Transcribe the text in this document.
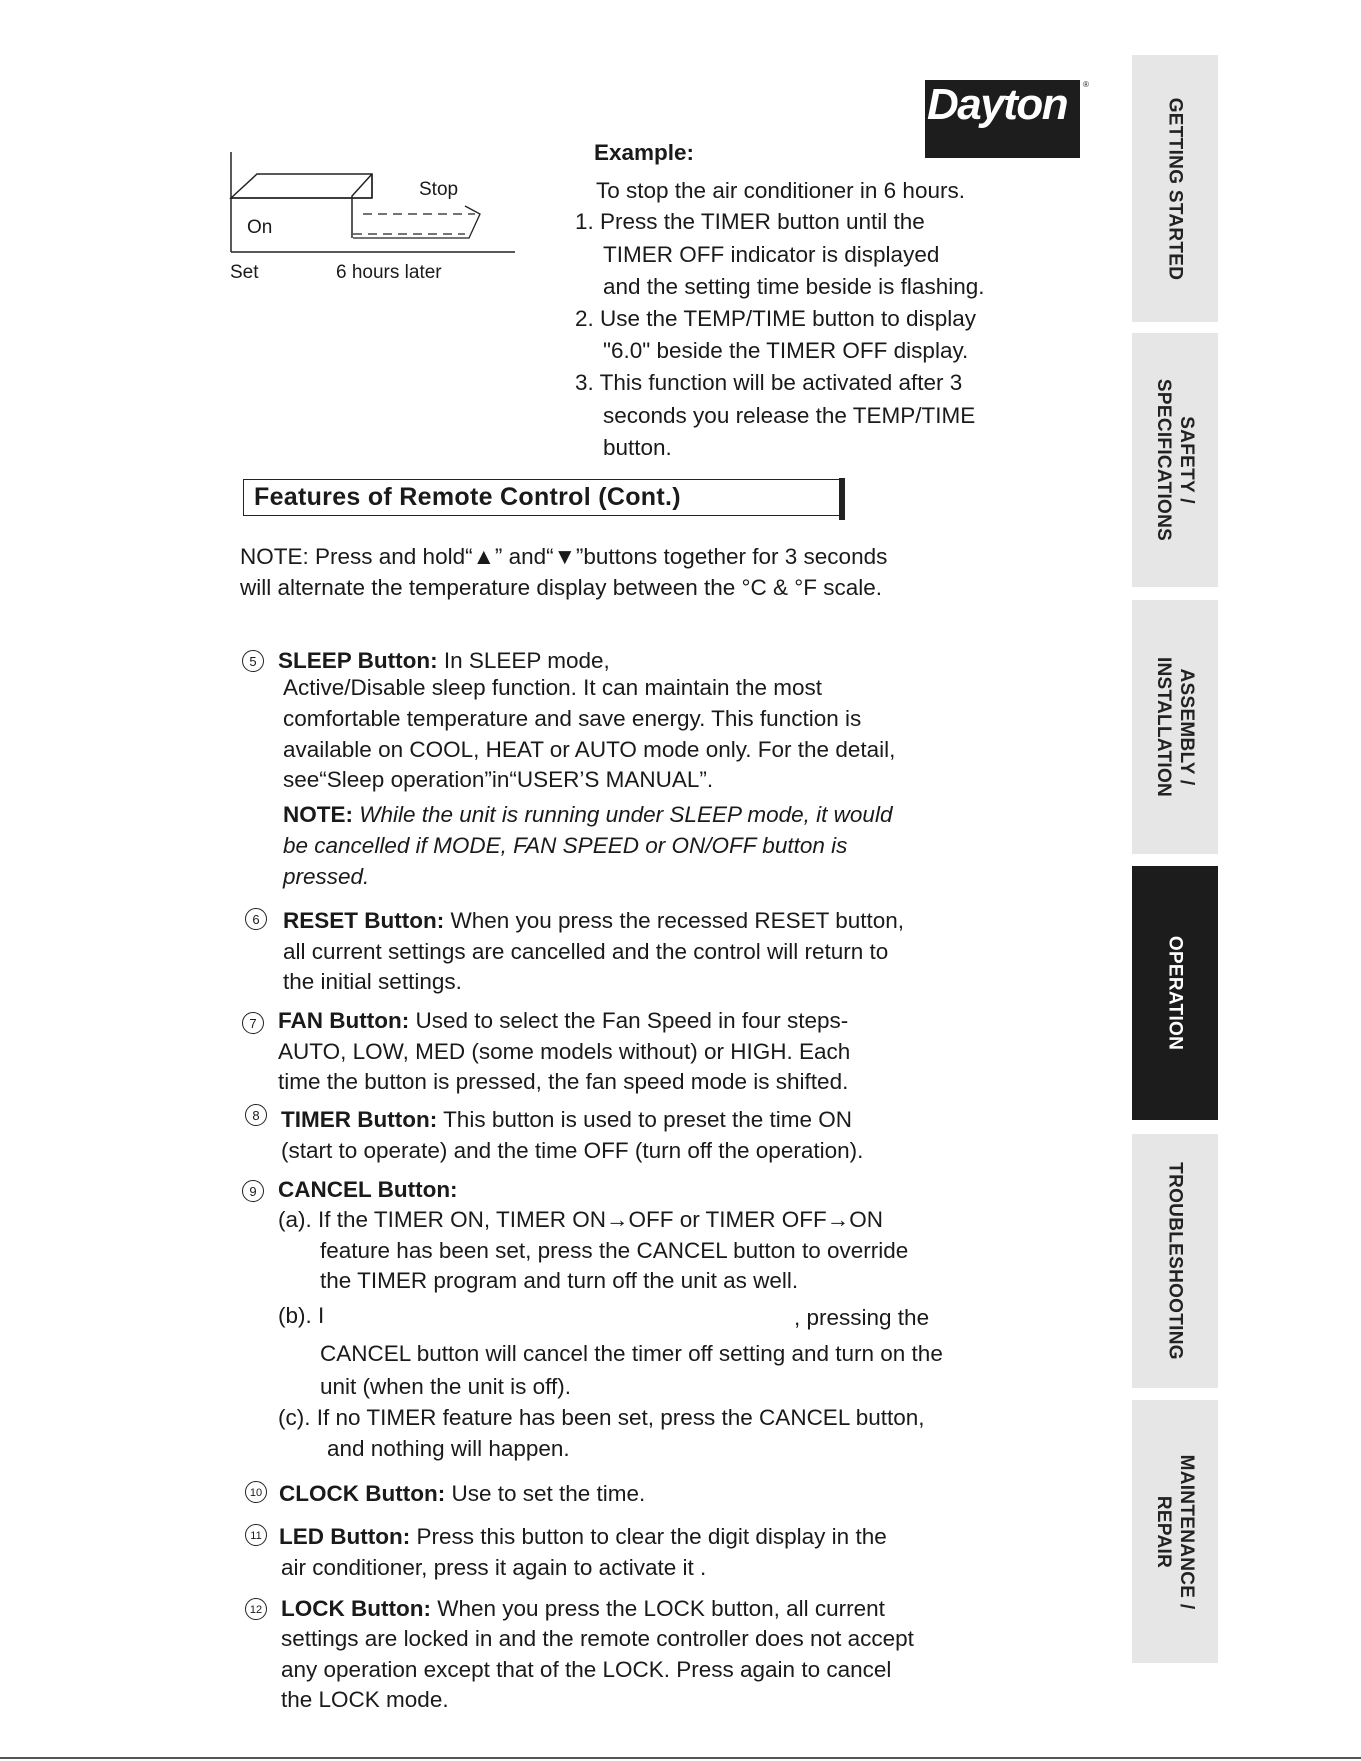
GETTING STARTED
SAFETY /
SPECIFICATIONS
ASSEMBLY /
INSTALLATION
OPERATION
TROUBLESHOOTING
MAINTENANCE /
REPAIR
Dayton ®
Stop
On
Set	6 hours later
Example:
To stop the air conditioner in 6 hours.
1. Press the TIMER button until the
TIMER OFF indicator is displayed
and the setting time beside is flashing.
2. Use the TEMP/TIME button to display
"6.0" beside the TIMER OFF display.
3. This function will be activated after 3
seconds you release the TEMP/TIME
button.
Features of Remote Control (Cont.)
NOTE: Press and hold“▲” and“▼”buttons together for 3 seconds
will alternate the temperature display between the °C & °F scale.
5 SLEEP Button: In SLEEP mode,
Active/Disable sleep function. It can maintain the most
comfortable temperature and save energy. This function is
available on COOL, HEAT or AUTO mode only. For the detail,
see“Sleep operation”in“USER’S MANUAL”.
NOTE: While the unit is running under SLEEP mode, it would
be cancelled if MODE, FAN SPEED or ON/OFF button is
pressed.
6	RESET Button: When you press the recessed RESET button,
all current settings are cancelled and the control will return to
the initial settings.
7 FAN Button: Used to select the Fan Speed in four steps-
AUTO, LOW, MED (some models without) or HIGH. Each
time the button is pressed, the fan speed mode is shifted.
8 TIMER Button: This button is used to preset the time ON
(start to operate) and the time OFF (turn off the operation).
9 CANCEL Button:
(a). If the TIMER ON, TIMER ON→OFF or TIMER OFF→ON
feature has been set, press the CANCEL button to override
the TIMER program and turn off the unit as well.
(b). I	, pressing the
CANCEL button will cancel the timer off setting and turn on the
unit (when the unit is off).
(c). If no TIMER feature has been set, press the CANCEL button,
and nothing will happen.
10 CLOCK Button: Use to set the time.
11 LED Button: Press this button to clear the digit display in the
air conditioner, press it again to activate it .
12 LOCK Button: When you press the LOCK button, all current
settings are locked in and the remote controller does not accept
any operation except that of the LOCK. Press again to cancel
the LOCK mode.
